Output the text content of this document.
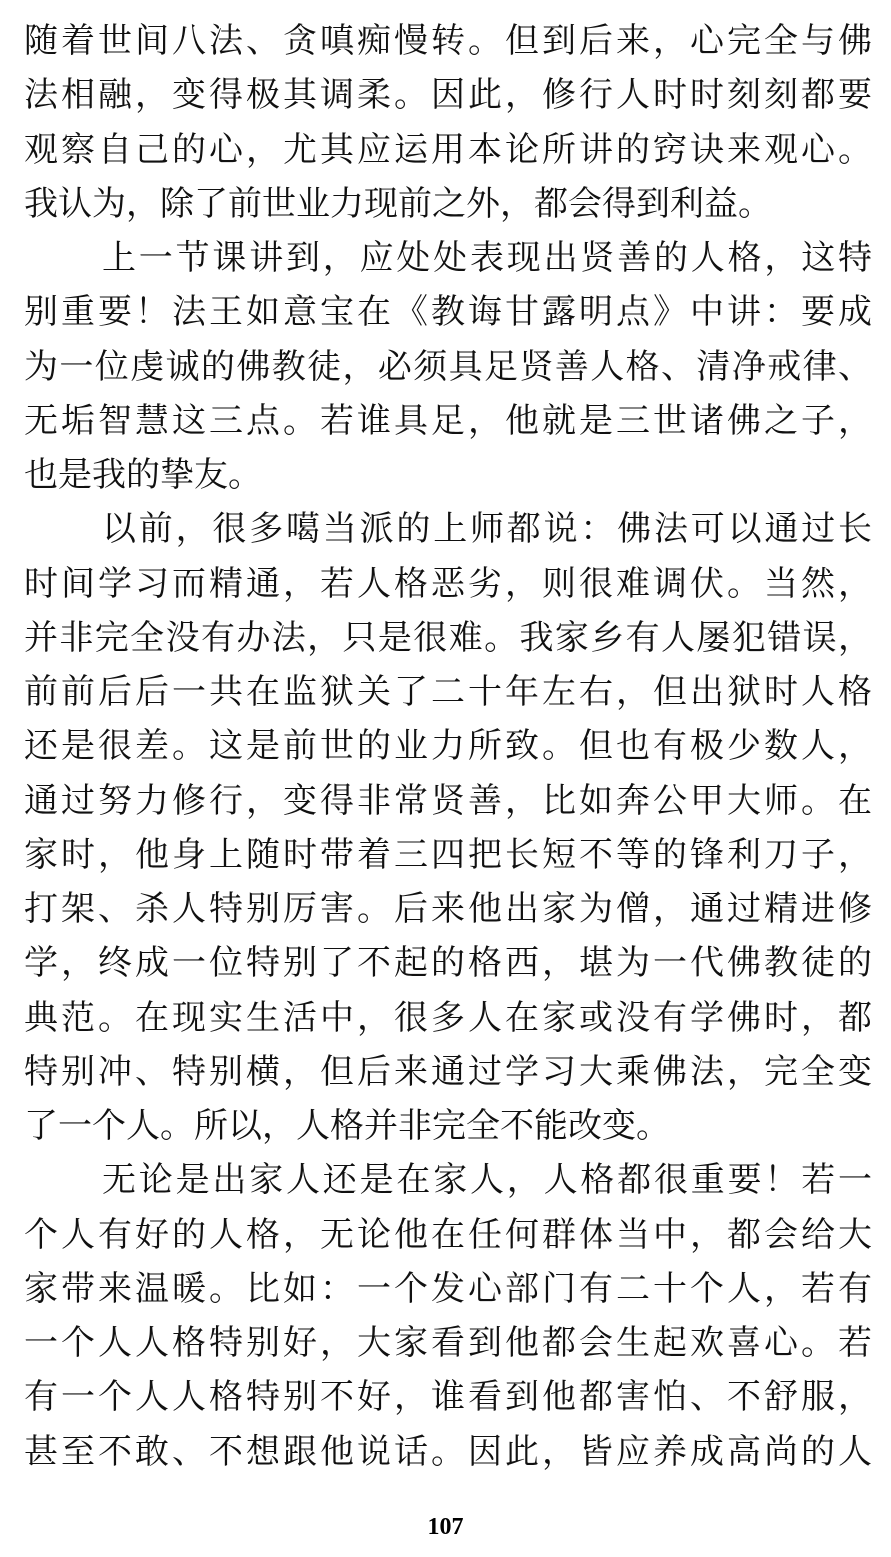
随着世间八法、贪嗔痴慢转。但到后来，心完全与佛
法相融，变得极其调柔。因此，修行人时时刻刻都要
观察自己的心，尤其应运用本论所讲的窍诀来观心。
我认为，除了前世业力现前之外，都会得到利益。
上一节课讲到，应处处表现出贤善的人格，这特
别重要！法王如意宝在《教诲甘露明点》中讲：要成
为一位虔诚的佛教徒，必须具足贤善人格、清净戒律、
无垢智慧这三点。若谁具足，他就是三世诸佛之子，
也是我的挚友。
以前，很多噶当派的上师都说：佛法可以通过长
时间学习而精通，若人格恶劣，则很难调伏。当然，
并非完全没有办法，只是很难。我家乡有人屡犯错误，
前前后后一共在监狱关了二十年左右，但出狱时人格
还是很差。这是前世的业力所致。但也有极少数人，
通过努力修行，变得非常贤善，比如奔公甲大师。在
家时，他身上随时带着三四把长短不等的锋利刀子，
打架、杀人特别厉害。后来他出家为僧，通过精进修
学，终成一位特别了不起的格西，堪为一代佛教徒的
典范。在现实生活中，很多人在家或没有学佛时，都
特别冲、特别横，但后来通过学习大乘佛法，完全变
了一个人。所以，人格并非完全不能改变。
无论是出家人还是在家人，人格都很重要！若一
个人有好的人格，无论他在任何群体当中，都会给大
家带来温暖。比如：一个发心部门有二十个人，若有
一个人人格特别好，大家看到他都会生起欢喜心。若
有一个人人格特别不好，谁看到他都害怕、不舒服，
甚至不敢、不想跟他说话。因此，皆应养成高尚的人
107
